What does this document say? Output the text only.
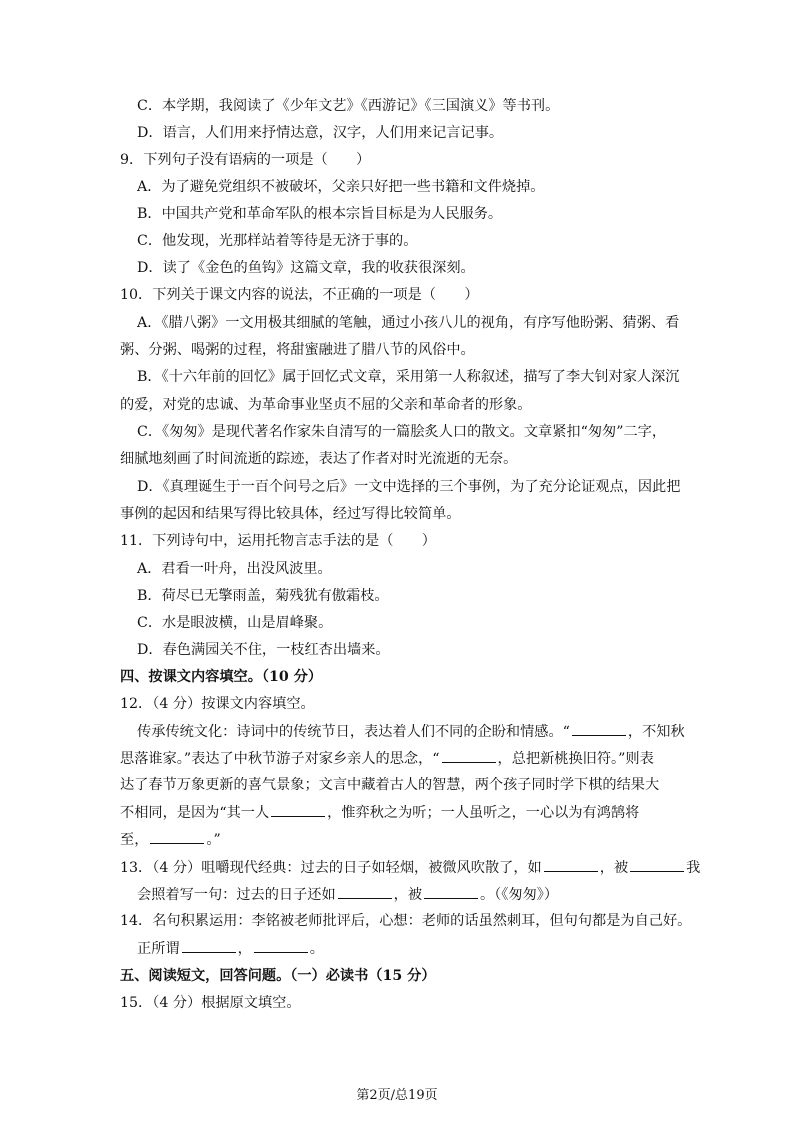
C．本学期，我阅读了《少年文艺》《西游记》《三国演义》等书刊。
D．语言，人们用来抒情达意，汉字，人们用来记言记事。
9．下列句子没有语病的一项是（　　）
A．为了避免党组织不被破坏，父亲只好把一些书籍和文件烧掉。
B．中国共产党和革命军队的根本宗旨目标是为人民服务。
C．他发现，光那样站着等待是无济于事的。
D．读了《金色的鱼钩》这篇文章，我的收获很深刻。
10．下列关于课文内容的说法，不正确的一项是（　　）
A．《腊八粥》一文用极其细腻的笔触，通过小孩八儿的视角，有序写他盼粥、猜粥、看
粥、分粥、喝粥的过程，将甜蜜融进了腊八节的风俗中。
B．《十六年前的回忆》属于回忆式文章，采用第一人称叙述，描写了李大钊对家人深沉
的爱，对党的忠诚、为革命事业坚贞不屈的父亲和革命者的形象。
C．《匆匆》是现代著名作家朱自清写的一篇脍炙人口的散文。文章紧扣“匆匆”二字，
细腻地刻画了时间流逝的踪迹，表达了作者对时光流逝的无奈。
D．《真理诞生于一百个问号之后》一文中选择的三个事例，为了充分论证观点，因此把
事例的起因和结果写得比较具体，经过写得比较简单。
11．下列诗句中，运用托物言志手法的是（　　）
A．君看一叶舟，出没风波里。
B．荷尽已无擎雨盖，菊残犹有傲霜枝。
C．水是眼波横，山是眉峰聚。
D．春色满园关不住，一枝红杏出墙来。
四、按课文内容填空。（10 分）
12．（4 分）按课文内容填空。
传承传统文化：诗词中的传统节日，表达着人们不同的企盼和情感。“	，不知秋
思落谁家。”表达了中秋节游子对家乡亲人的思念，“	，总把新桃换旧符。”则表
达了春节万象更新的喜气景象；文言中藏着古人的智慧，两个孩子同时学下棋的结果大
不相同，是因为“其一人	，惟弈秋之为听；一人虽听之，一心以为有鸿鹄将
至，	。”
13．（4 分）咀嚼现代经典：过去的日子如轻烟，被微风吹散了，如	，被	我
会照着写一句：过去的日子还如	，被	。（《匆匆》）
14．名句积累运用：李铭被老师批评后，心想：老师的话虽然刺耳，但句句都是为自己好。
正所谓	，	。
五、阅读短文，回答问题。（一）必读书（15 分）
15．（4 分）根据原文填空。
第2页/总19页
